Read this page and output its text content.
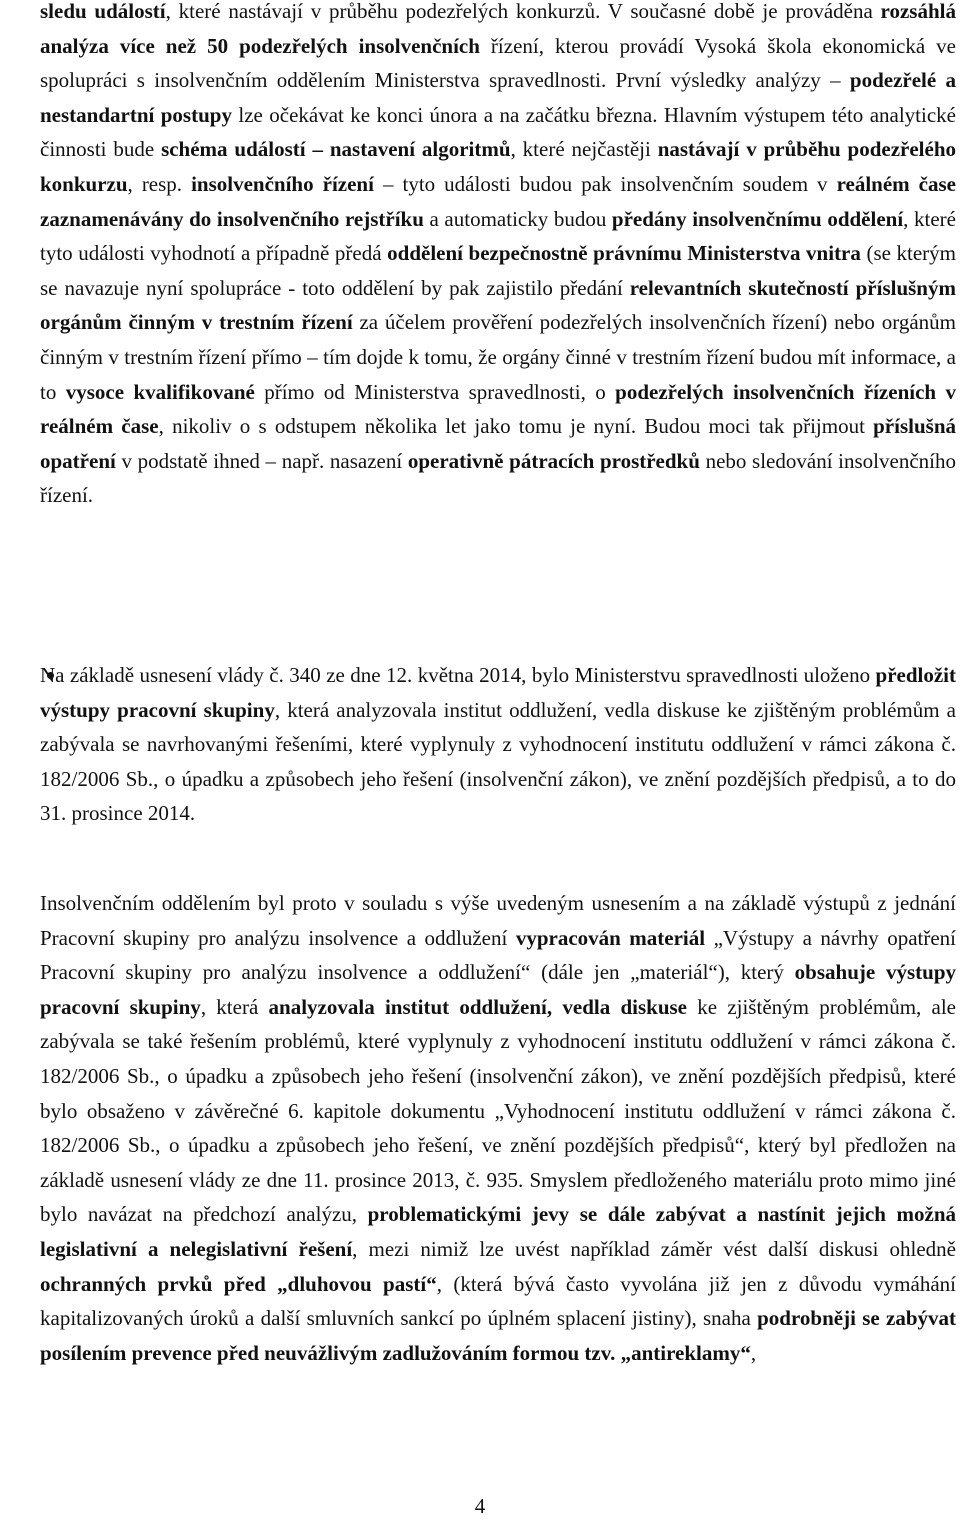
sledu událostí, které nastávají v průběhu podezřelých konkurzů. V současné době je prováděna rozsáhlá analýza více než 50 podezřelých insolvenčních řízení, kterou provádí Vysoká škola ekonomická ve spolupráci s insolvenčním oddělením Ministerstva spravedlnosti. První výsledky analýzy – podezřelé a nestandartní postupy lze očekávat ke konci února a na začátku března. Hlavním výstupem této analytické činnosti bude schéma událostí – nastavení algoritmů, které nejčastěji nastávají v průběhu podezřelého konkurzu, resp. insolvenčního řízení – tyto události budou pak insolvenčním soudem v reálném čase zaznamenávány do insolvenčního rejstříku a automaticky budou předány insolvenčnímu oddělení, které tyto události vyhodnotí a případně předá oddělení bezpečnostně právnímu Ministerstva vnitra (se kterým se navazuje nyní spolupráce - toto oddělení by pak zajistilo předání relevantních skutečností příslušným orgánům činným v trestním řízení za účelem prověření podezřelých insolvenčních řízení) nebo orgánům činným v trestním řízení přímo – tím dojde k tomu, že orgány činné v trestním řízení budou mít informace, a to vysoce kvalifikované přímo od Ministerstva spravedlnosti, o podezřelých insolvenčních řízeních v reálném čase, nikoliv o s odstupem několika let jako tomu je nyní. Budou moci tak přijmout příslušná opatření v podstatě ihned – např. nasazení operativně pátracích prostředků nebo sledování insolvenčního řízení.

Na základě usnesení vlády č. 340 ze dne 12. května 2014, bylo Ministerstvu spravedlnosti uloženo předložit výstupy pracovní skupiny, která analyzovala institut oddlužení, vedla diskuse ke zjištěným problémům a zabývala se navrhovanými řešeními, které vyplynuly z vyhodnocení institutu oddlužení v rámci zákona č. 182/2006 Sb., o úpadku a způsobech jeho řešení (insolvenční zákon), ve znění pozdějších předpisů, a to do 31. prosince 2014.

Insolvenčním oddělením byl proto v souladu s výše uvedeným usnesením a na základě výstupů z jednání Pracovní skupiny pro analýzu insolvence a oddlužení vypracován materiál „Výstupy a návrhy opatření Pracovní skupiny pro analýzu insolvence a oddlužení“ (dále jen „materiál“), který obsahuje výstupy pracovní skupiny, která analyzovala institut oddlužení, vedla diskuse ke zjištěným problémům, ale zabývala se také řešením problémů, které vyplynuly z vyhodnocení institutu oddlužení v rámci zákona č. 182/2006 Sb., o úpadku a způsobech jeho řešení (insolvenční zákon), ve znění pozdějších předpisů, které bylo obsaženo v závěrečné 6. kapitole dokumentu „Vyhodnocení institutu oddlužení v rámci zákona č. 182/2006 Sb., o úpadku a způsobech jeho řešení, ve znění pozdějších předpisů“, který byl předložen na základě usnesení vlády ze dne 11. prosince 2013, č. 935. Smyslem předloženého materiálu proto mimo jiné bylo navázat na předchozí analýzu, problematickými jevy se dále zabývat a nastínit jejich možná legislativní a nelegislativní řešení, mezi nimiž lze uvést například záměr vést další diskusi ohledně ochranných prvků před „dluhovou pastí“, (která bývá často vyvolána již jen z důvodu vymáhání kapitalizovaných úroků a další smluvních sankcí po úplném splacení jistiny), snaha podrobněji se zabývat posílením prevence před neuvážlivým zadlužováním formou tzv. „antireklamy“,

4
